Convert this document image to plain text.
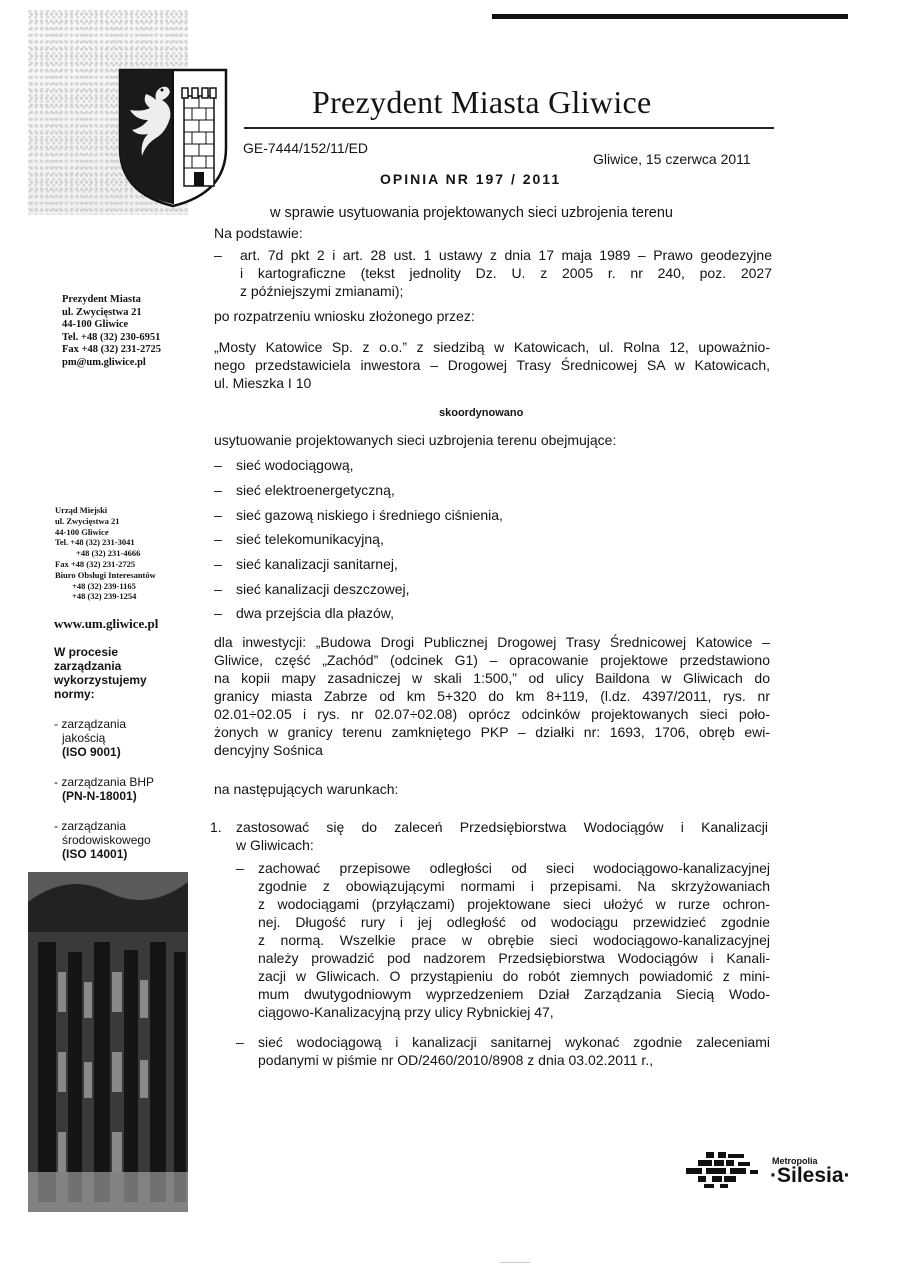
Prezydent Miasta Gliwice
GE-7444/152/11/ED
Gliwice, 15 czerwca 2011
OPINIA NR 197 / 2011
w sprawie usytuowania projektowanych sieci uzbrojenia terenu
Prezydent Miasta
ul. Zwycięstwa 21
44-100 Gliwice
Tel. +48 (32) 230-6951
Fax +48 (32) 231-2725
pm@um.gliwice.pl
Urząd Miejski
ul. Zwycięstwa 21
44-100 Gliwice
Tel. +48 (32) 231-3041
+48 (32) 231-4666
Fax +48 (32) 231-2725
Biuro Obsługi Interesantów
+48 (32) 239-1165
+48 (32) 239-1254
www.um.gliwice.pl
W procesie
zarządzania
wykorzystujemy
normy:
- zarządzania
jakością
(ISO 9001)
- zarządzania BHP
(PN-N-18001)
- zarządzania
środowiskowego
(ISO 14001)
Na podstawie:
– art. 7d pkt 2 i art. 28 ust. 1 ustawy z dnia 17 maja 1989 – Prawo geodezyjne
i kartograficzne (tekst jednolity Dz. U. z 2005 r. nr 240, poz. 2027
z późniejszymi zmianami);
po rozpatrzeniu wniosku złożonego przez:
„Mosty Katowice Sp. z o.o.” z siedzibą w Katowicach, ul. Rolna 12, upoważnio-
nego przedstawiciela inwestora – Drogowej Trasy Średnicowej SA w Katowicach,
ul. Mieszka I 10
skoordynowano
usytuowanie projektowanych sieci uzbrojenia terenu obejmujące:
– sieć wodociągową,
– sieć elektroenergetyczną,
– sieć gazową niskiego i średniego ciśnienia,
– sieć telekomunikacyjną,
– sieć kanalizacji sanitarnej,
– sieć kanalizacji deszczowej,
– dwa przejścia dla płazów,
dla inwestycji: „Budowa Drogi Publicznej Drogowej Trasy Średnicowej Katowice –
Gliwice, część „Zachód” (odcinek G1) – opracowanie projektowe przedstawiono
na kopii mapy zasadniczej w skali 1:500,” od ulicy Baildona w Gliwicach do
granicy miasta Zabrze od km 5+320 do km 8+119, (l.dz. 4397/2011, rys. nr
02.01÷02.05 i rys. nr 02.07÷02.08) oprócz odcinków projektowanych sieci poło-
żonych w granicy terenu zamkniętego PKP – działki nr: 1693, 1706, obręb ewi-
dencyjny Sośnica
na następujących warunkach:
1. zastosować się do zaleceń Przedsiębiorstwa Wodociągów i Kanalizacji
w Gliwicach:
– zachować przepisowe odległości od sieci wodociągowo-kanalizacyjnej
zgodnie z obowiązującymi normami i przepisami. Na skrzyżowaniach
z wodociągami (przyłączami) projektowane sieci ułożyć w rurze ochron-
nej. Długość rury i jej odległość od wodociągu przewidzieć zgodnie
z normą. Wszelkie prace w obrębie sieci wodociągowo-kanalizacyjnej
należy prowadzić pod nadzorem Przedsiębiorstwa Wodociągów i Kanali-
zacji w Gliwicach. O przystąpieniu do robót ziemnych powiadomić z mini-
mum dwutygodniowym wyprzedzeniem Dział Zarządzania Siecią Wodo-
ciągowo-Kanalizacyjną przy ulicy Rybnickiej 47,
– sieć wodociągową i kanalizacji sanitarnej wykonać zgodnie zaleceniami
podanymi w piśmie nr OD/2460/2010/8908 z dnia 03.02.2011 r.,
Metropolia
·Silesia·
